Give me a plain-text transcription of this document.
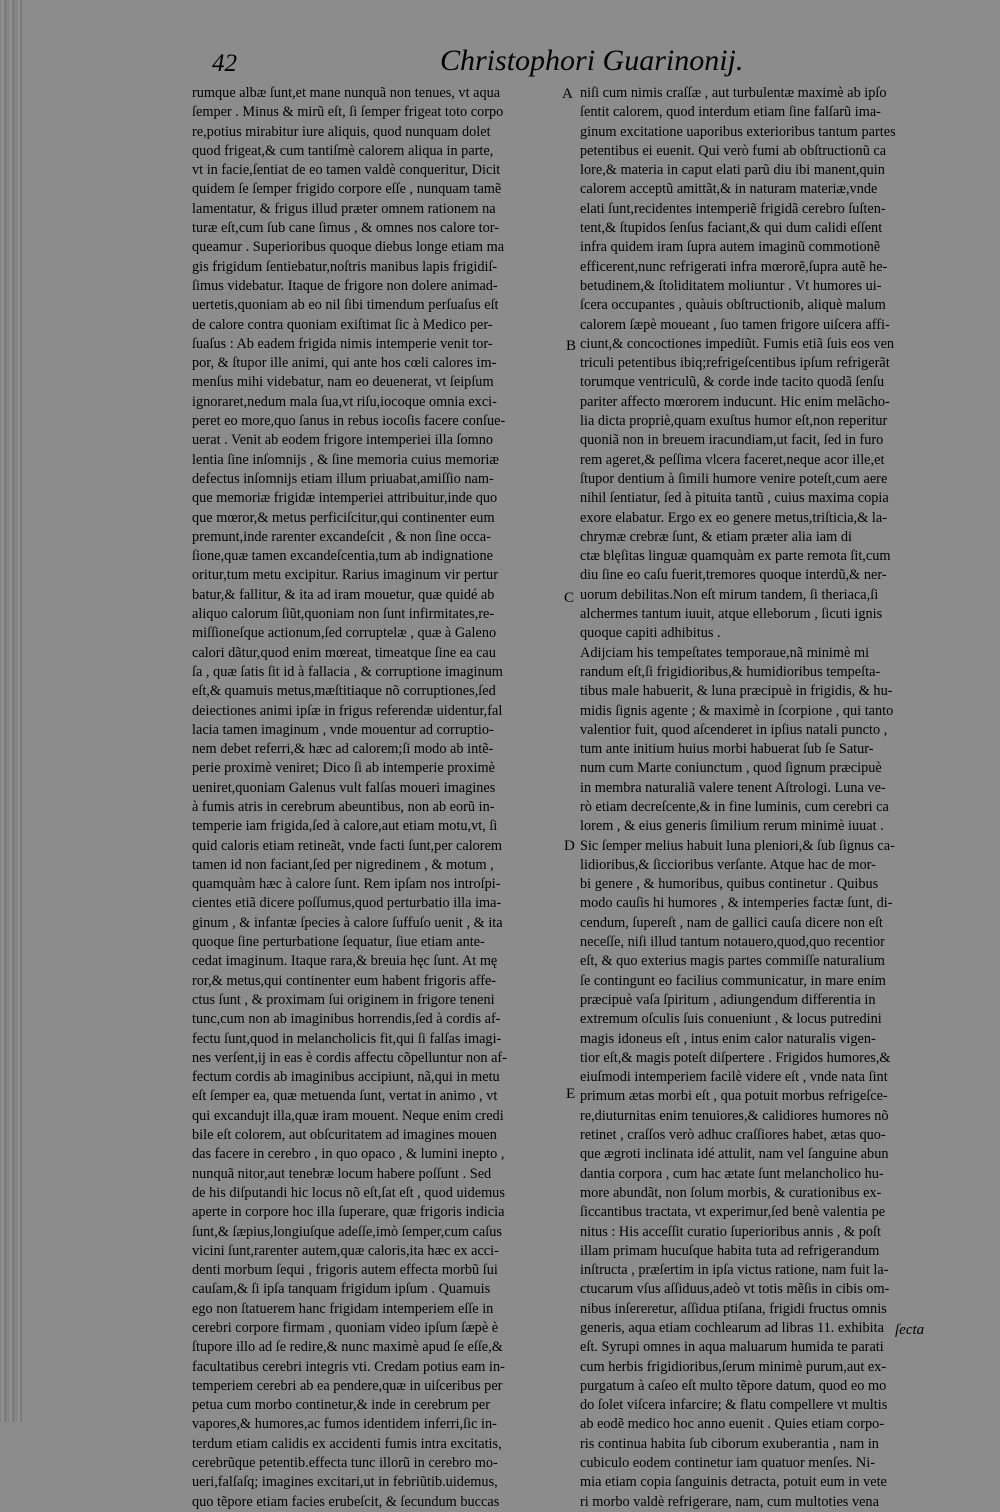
42	Christophori Guarinonij.
A
B
C
D
E
rumque albæ ſunt,et mane nunquã non tenues, vt aqua
ſemper . Minus & mirũ eſt, ſi ſemper frigeat toto corpo
re,potius mirabitur iure aliquis, quod nunquam dolet
quod frigeat,& cum tantiſmè calorem aliqua in parte,
vt in facie,ſentiat de eo tamen valdè conqueritur, Dicit
quidem ſe ſemper frigido corpore eſſe , nunquam tamẽ
lamentatur, & frigus illud præter omnem rationem na
turæ eſt,cum ſub cane ſimus , & omnes nos calore tor-
queamur . Superioribus quoque diebus longe etiam ma
gis frigidum ſentiebatur,noſtris manibus lapis frigidiſ-
ſimus videbatur. Itaque de frigore non dolere animad-
uertetis,quoniam ab eo nil ſibi timendum perſuaſus eſt
de calore contra quoniam exiſtimat ſic à Medico per-
ſuaſus : Ab eadem frigida nimis intemperie venit tor-
por, & ſtupor ille animi, qui ante hos cœli calores im-
menſus mihi videbatur, nam eo deuenerat, vt ſeipſum
ignoraret,nedum mala ſua,vt riſu,iocoque omnia exci-
peret eo more,quo ſanus in rebus iocoſis facere conſue-
uerat . Venit ab eodem frigore intemperiei illa ſomno
lentia ſine inſomnijs , & ſine memoria cuius memoriæ
defectus inſomnijs etiam illum priuabat,amiſſio nam-
que memoriæ frigidæ intemperiei attribuitur,inde quo
que mœror,& metus perficiſcitur,qui continenter eum
premunt,inde rarenter excandeſcit , & non ſine occa-
ſione,quæ tamen excandeſcentia,tum ab indignatione
oritur,tum metu excipitur. Rarius imaginum vir pertur
batur,& fallitur, & ita ad iram mouetur, quæ quidé ab
aliquo calorum ſiũt,quoniam non ſunt infirmitates,re-
miſſioneſque actionum,ſed corruptelæ , quæ à Galeno
calori dãtur,quod enim mœreat, timeatque ſine ea cau
ſa , quæ ſatis ſit id à fallacia , & corruptione imaginum
eſt,& quamuis metus,mæſtitiaque nõ corruptiones,ſed
deiectiones animi ipſæ in frigus referendæ uidentur,fal
lacia tamen imaginum , vnde mouentur ad corruptio-
nem debet referri,& hæc ad calorem;ſi modo ab intẽ-
perie proximè veniret; Dico ſi ab intemperie proximè
ueniret,quoniam Galenus vult falſas moueri imagines
à fumis atris in cerebrum abeuntibus, non ab eorũ in-
temperie iam frigida,ſed à calore,aut etiam motu,vt, ſi
quid caloris etiam retineãt, vnde facti ſunt,per calorem
tamen id non faciant,ſed per nigredinem , & motum ,
quamquàm hæc à calore ſunt. Rem ipſam nos introſpi-
cientes etiã dicere poſſumus,quod perturbatio illa ima-
ginum , & infantæ ſpecies à calore ſuffuſo uenit , & ita
quoque ſine perturbatione ſequatur, ſiue etiam ante-
cedat imaginum. Itaque rara,& breuia hęc ſunt. At mę
ror,& metus,qui continenter eum habent frigoris affe-
ctus ſunt , & proximam ſui originem in frigore teneni
tunc,cum non ab imaginibus horrendis,ſed à cordis af-
fectu ſunt,quod in melancholicis fit,qui ſi falſas imagi-
nes verſent,ij in eas è cordis affectu cõpelluntur non af-
fectum cordis ab imaginibus accipiunt, nã,qui in metu
eſt ſemper ea, quæ metuenda ſunt, vertat in animo , vt
qui excandujt illa,quæ iram mouent. Neque enim credi
bile eſt colorem, aut obſcuritatem ad imagines mouen
das facere in cerebro , in quo opaco , & lumini inepto ,
nunquã nitor,aut tenebræ locum habere poſſunt . Sed
de his diſputandi hic locus nõ eſt,ſat eſt , quod uidemus
aperte in corpore hoc illa ſuperare, quæ frigoris indicia
ſunt,& ſæpius,longiuſque adeſſe,imò ſemper,cum caſus
vicini ſunt,rarenter autem,quæ caloris,ita hæc ex acci-
denti morbum ſequi , frigoris autem effecta morbũ ſui
cauſam,& ſi ipſa tanquam frigidum ipſum . Quamuis
ego non ſtatuerem hanc frigidam intemperiem eſſe in
cerebri corpore firmam , quoniam video ipſum ſæpè è
ſtupore illo ad ſe redire,& nunc maximè apud ſe eſſe,&
facultatibus cerebri integris vti. Credam potius eam in-
temperiem cerebri ab ea pendere,quæ in uiſceribus per
petua cum morbo continetur,& inde in cerebrum per
vapores,& humores,ac fumos identidem inferri,ſic in-
terdum etiam calidis ex accidenti fumis intra excitatis,
cerebrũque petentib.effecta tunc illorũ in cerebro mo-
ueri,falſaſq; imagines excitari,ut in febriũtib.uidemus,
quo tẽpore etiam facies erubeſcit, & ſecundum buccas
niſi cum nimis craſſæ , aut turbulentæ maximè ab ipſo
ſentit calorem, quod interdum etiam ſine falſarũ ima-
ginum excitatione uaporibus exterioribus tantum partes
petentibus ei euenit. Qui verò fumi ab obſtructionũ ca
lore,& materia in caput elati parũ diu ibi manent,quin
calorem acceptũ amittãt,& in naturam materiæ,vnde
elati ſunt,recidentes intemperiẽ frigidã cerebro ſuſten-
tent,& ſtupidos ſenſus faciant,& qui dum calidi eſſent
infra quidem iram ſupra autem imaginũ commotionẽ
efficerent,nunc refrigerati infra mœrorẽ,ſupra autẽ he-
betudinem,& ſtoliditatem moliuntur . Vt humores ui-
ſcera occupantes , quàuis obſtructionib, aliquè malum
calorem ſæpè moueant , ſuo tamen frigore uiſcera affi-
ciunt,& concoctiones impediũt. Fumis etiã ſuis eos ven
triculi petentibus ibiq;refrigeſcentibus ipſum refrigerãt
torumque ventriculũ, & corde inde tacito quodã ſenſu
pariter affecto mœrorem inducunt. Hic enim melãcho-
lia dicta propriè,quam exuſtus humor eſt,non reperitur
quoniã non in breuem iracundiam,ut facit, ſed in furo
rem ageret,& peſſima vlcera faceret,neque acor ille,et
ſtupor dentium à ſimili humore venire poteſt,cum aere
nihil ſentiatur, ſed à pituita tantũ , cuius maxima copia
exore elabatur. Ergo ex eo genere metus,triſticia,& la-
chrymæ crebræ ſunt, & etiam præter alia iam di
ctæ blęſitas linguæ quamquàm ex parte remota ſit,cum
diu ſine eo caſu fuerit,tremores quoque interdũ,& ner-
uorum debilitas.Non eſt mirum tandem, ſi theriaca,ſi
alchermes tantum iuuit, atque elleborum , ſicuti ignis
quoque capiti adhibitus .
Adijciam his tempeſtates temporaue,nã minimè mi
randum eſt,ſi frigidioribus,& humidioribus tempeſta-
tibus male habuerit, & luna præcipuè in frigidis, & hu-
midis ſignis agente ; & maximè in ſcorpione , qui tanto
valentior fuit, quod aſcenderet in ipſius natali puncto ,
tum ante initium huius morbi habuerat ſub ſe Satur-
num cum Marte coniunctum , quod ſignum præcipuè
in membra naturaliã valere tenent Aſtrologi. Luna ve-
rò etiam decreſcente,& in fine luminis, cum cerebri ca
lorem , & eius generis ſimilium rerum minimè iuuat .
Sic ſemper melius habuit luna pleniori,& ſub ſignus ca-
lidioribus,& ſiccioribus verſante. Atque hac de mor-
bi genere , & humoribus, quibus continetur . Quibus
modo cauſis hi humores , & intemperies factæ ſunt, di-
cendum, ſupereſt , nam de gallici cauſa dicere non eſt
neceſſe, niſi illud tantum notauero,quod,quo recentior
eſt, & quo exterius magis partes commiſſe naturalium
ſe contingunt eo facilius communicatur, in mare enim
præcipuè vaſa ſpiritum , adiungendum differentia in
extremum oſculis ſuis conueniunt , & locus putredini
magis idoneus eſt , intus enim calor naturalis vigen-
tior eſt,& magis poteſt diſpertere . Frigidos humores,&
eiuſmodi intemperiem facilè videre eſt , vnde nata ſint
primum ætas morbi eſt , qua potuit morbus refrigeſce-
re,diuturnitas enim tenuiores,& calidiores humores nõ
retinet , craſſos verò adhuc craſſiores habet, ætas quo-
que ægroti inclinata idé attulit, nam vel ſanguine abun
dantia corpora , cum hac ætate ſunt melancholico hu-
more abundãt, non ſolum morbis, & curationibus ex-
ſiccantibus tractata, vt experimur,ſed benè valentia pe
nitus : His acceſſit curatio ſuperioribus annis , & poſt
illam primam hucuſque habita tuta ad refrigerandum
inſtructa , præſertim in ipſa victus ratione, nam fuit la-
ctucarum vſus aſſiduus,adeò vt totis mẽſis in cibis om-
nibus inſereretur, aſſidua ptiſana, frigidi fructus omnis
generis, aqua etiam cochlearum ad libras 11. exhibita
eſt. Syrupi omnes in aqua maluarum humida te parati
cum herbis frigidioribus,ſerum minimè purum,aut ex-
purgatum à caſeo eſt multo tẽpore datum, quod eo mo
do ſolet viſcera infarcire; & flatu compellere vt multis
ab eodẽ medico hoc anno euenit . Quies etiam corpo-
ris continua habita ſub ciborum exuberantia , nam in
cubiculo eodem continetur iam quatuor menſes. Ni-
mia etiam copia ſanguinis detracta, potuit eum in vete
ri morbo valdè refrigerare, nam, cum multoties vena
ſecta
